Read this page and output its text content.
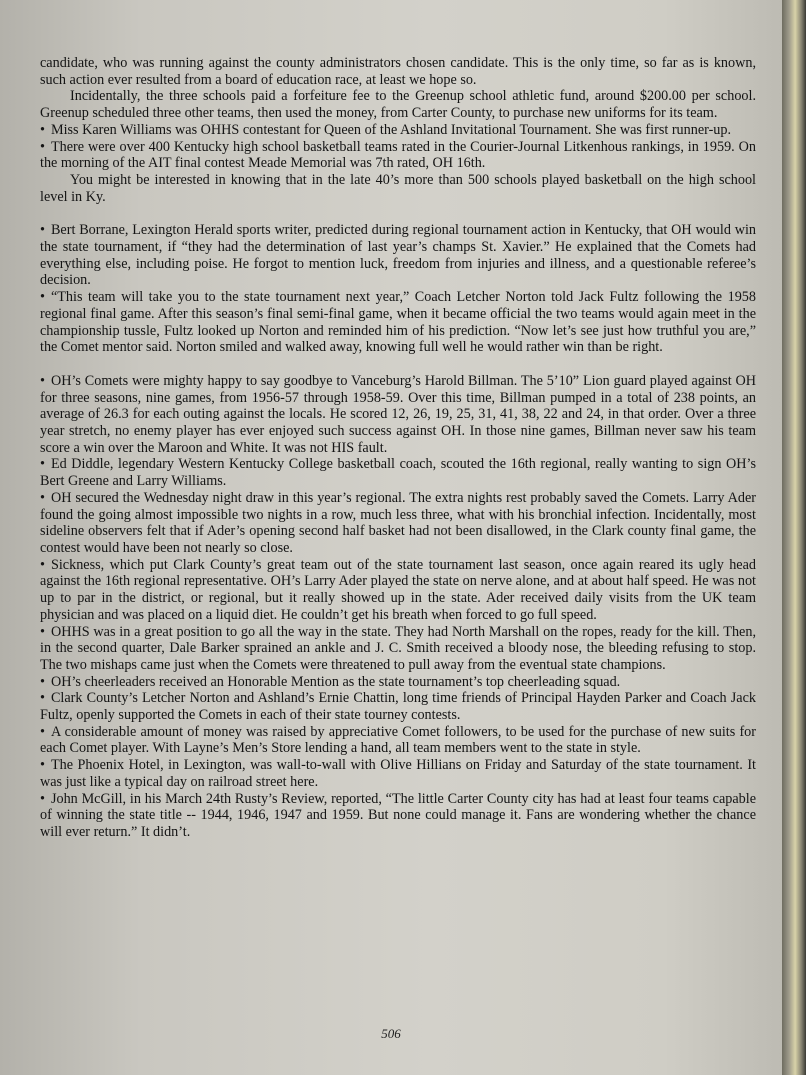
candidate, who was running against the county administrators chosen candidate. This is the only time, so far as is known, such action ever resulted from a board of education race, at least we hope so.

Incidentally, the three schools paid a forfeiture fee to the Greenup school athletic fund, around $200.00 per school. Greenup scheduled three other teams, then used the money, from Carter County, to purchase new uniforms for its team.

• Miss Karen Williams was OHHS contestant for Queen of the Ashland Invitational Tournament. She was first runner-up.

• There were over 400 Kentucky high school basketball teams rated in the Courier-Journal Litkenhous rankings, in 1959. On the morning of the AIT final contest Meade Memorial was 7th rated, OH 16th.

You might be interested in knowing that in the late 40’s more than 500 schools played basketball on the high school level in Ky.

• Bert Borrane, Lexington Herald sports writer, predicted during regional tournament action in Kentucky, that OH would win the state tournament, if “they had the determination of last year’s champs St. Xavier.” He explained that the Comets had everything else, including poise. He forgot to mention luck, freedom from injuries and illness, and a questionable referee’s decision.

• “This team will take you to the state tournament next year,” Coach Letcher Norton told Jack Fultz following the 1958 regional final game. After this season’s final semi-final game, when it became official the two teams would again meet in the championship tussle, Fultz looked up Norton and reminded him of his prediction. “Now let’s see just how truthful you are,” the Comet mentor said. Norton smiled and walked away, knowing full well he would rather win than be right.

• OH’s Comets were mighty happy to say goodbye to Vanceburg’s Harold Billman. The 5’10” Lion guard played against OH for three seasons, nine games, from 1956-57 through 1958-59. Over this time, Billman pumped in a total of 238 points, an average of 26.3 for each outing against the locals. He scored 12, 26, 19, 25, 31, 41, 38, 22 and 24, in that order. Over a three year stretch, no enemy player has ever enjoyed such success against OH. In those nine games, Billman never saw his team score a win over the Maroon and White. It was not HIS fault.

• Ed Diddle, legendary Western Kentucky College basketball coach, scouted the 16th regional, really wanting to sign OH’s Bert Greene and Larry Williams.

• OH secured the Wednesday night draw in this year’s regional. The extra nights rest probably saved the Comets. Larry Ader found the going almost impossible two nights in a row, much less three, what with his bronchial infection. Incidentally, most sideline observers felt that if Ader’s opening second half basket had not been disallowed, in the Clark county final game, the contest would have been not nearly so close.

• Sickness, which put Clark County’s great team out of the state tournament last season, once again reared its ugly head against the 16th regional representative. OH’s Larry Ader played the state on nerve alone, and at about half speed. He was not up to par in the district, or regional, but it really showed up in the state. Ader received daily visits from the UK team physician and was placed on a liquid diet. He couldn’t get his breath when forced to go full speed.

• OHHS was in a great position to go all the way in the state. They had North Marshall on the ropes, ready for the kill. Then, in the second quarter, Dale Barker sprained an ankle and J. C. Smith received a bloody nose, the bleeding refusing to stop. The two mishaps came just when the Comets were threatened to pull away from the eventual state champions.

• OH’s cheerleaders received an Honorable Mention as the state tournament’s top cheerleading squad.

• Clark County’s Letcher Norton and Ashland’s Ernie Chattin, long time friends of Principal Hayden Parker and Coach Jack Fultz, openly supported the Comets in each of their state tourney contests.

• A considerable amount of money was raised by appreciative Comet followers, to be used for the purchase of new suits for each Comet player. With Layne’s Men’s Store lending a hand, all team members went to the state in style.

• The Phoenix Hotel, in Lexington, was wall-to-wall with Olive Hillians on Friday and Saturday of the state tournament. It was just like a typical day on railroad street here.

• John McGill, in his March 24th Rusty’s Review, reported, “The little Carter County city has had at least four teams capable of winning the state title -- 1944, 1946, 1947 and 1959. But none could manage it. Fans are wondering whether the chance will ever return.” It didn’t.

506
